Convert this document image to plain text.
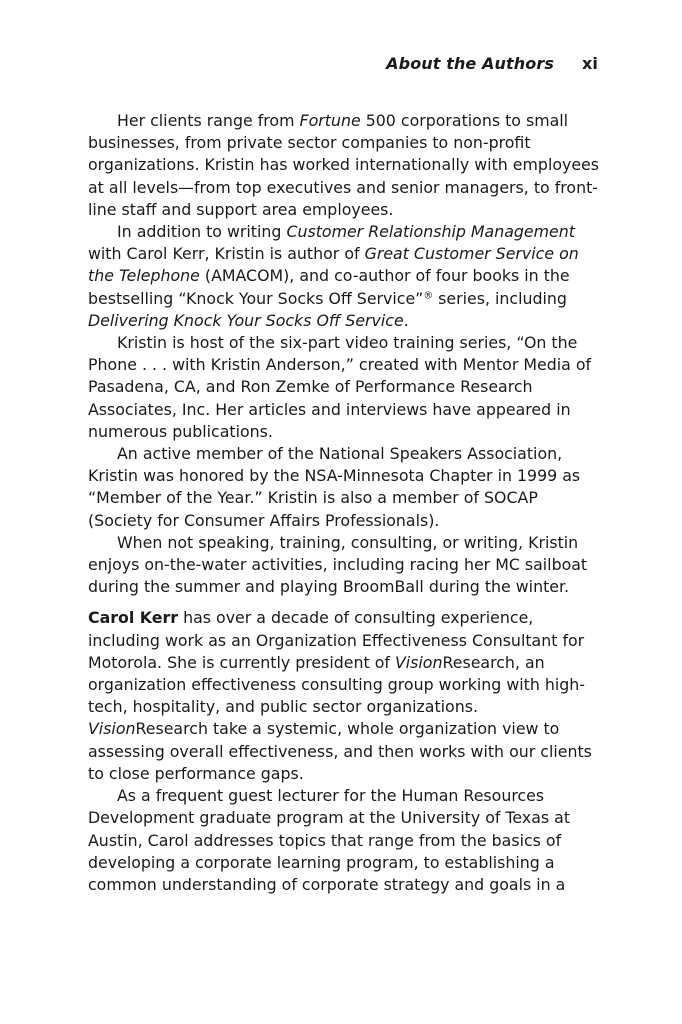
About the Authors xi

Her clients range from Fortune 500 corporations to small businesses, from private sector companies to non-profit organizations. Kristin has worked internationally with employees at all levels—from top executives and senior managers, to front-line staff and support area employees.

In addition to writing Customer Relationship Management with Carol Kerr, Kristin is author of Great Customer Service on the Telephone (AMACOM), and co-author of four books in the bestselling “Knock Your Socks Off Service”® series, including Delivering Knock Your Socks Off Service.

Kristin is host of the six-part video training series, “On the Phone . . . with Kristin Anderson,” created with Mentor Media of Pasadena, CA, and Ron Zemke of Performance Research Associates, Inc. Her articles and interviews have appeared in numerous publications.

An active member of the National Speakers Association, Kristin was honored by the NSA-Minnesota Chapter in 1999 as “Member of the Year.” Kristin is also a member of SOCAP (Society for Consumer Affairs Professionals).

When not speaking, training, consulting, or writing, Kristin enjoys on-the-water activities, including racing her MC sailboat during the summer and playing BroomBall during the winter.

Carol Kerr has over a decade of consulting experience, including work as an Organization Effectiveness Consultant for Motorola. She is currently president of VisionResearch, an organization effectiveness consulting group working with high-tech, hospitality, and public sector organizations. VisionResearch take a systemic, whole organization view to assessing overall effectiveness, and then works with our clients to close performance gaps.

As a frequent guest lecturer for the Human Resources Development graduate program at the University of Texas at Austin, Carol addresses topics that range from the basics of developing a corporate learning program, to establishing a common understanding of corporate strategy and goals in a
